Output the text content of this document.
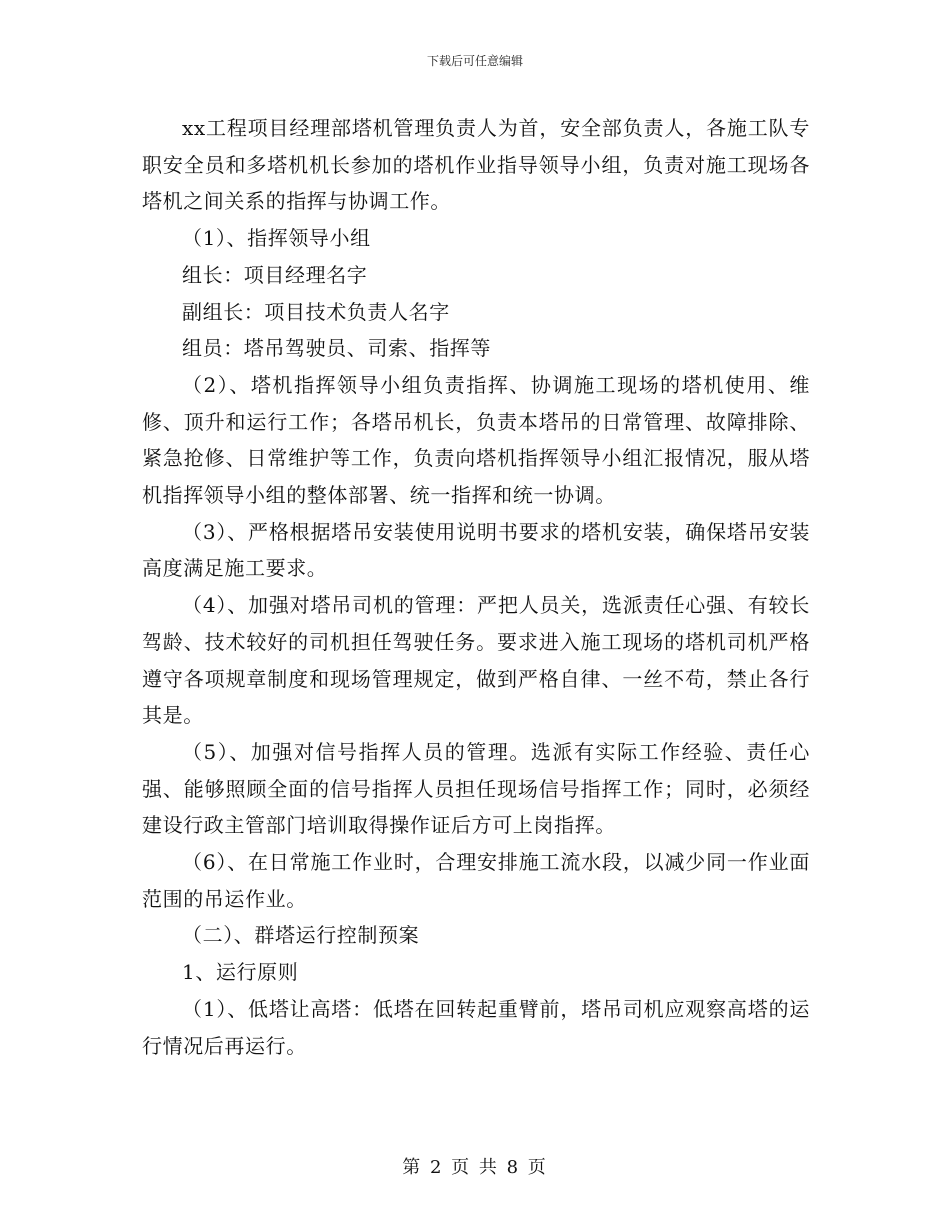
下载后可任意编辑

xx工程项目经理部塔机管理负责人为首，安全部负责人，各施工队专职安全员和多塔机机长参加的塔机作业指导领导小组，负责对施工现场各塔机之间关系的指挥与协调工作。

（1）、指挥领导小组

组长：项目经理名字

副组长：项目技术负责人名字

组员：塔吊驾驶员、司索、指挥等

（2）、塔机指挥领导小组负责指挥、协调施工现场的塔机使用、维修、顶升和运行工作；各塔吊机长，负责本塔吊的日常管理、故障排除、紧急抢修、日常维护等工作，负责向塔机指挥领导小组汇报情况，服从塔机指挥领导小组的整体部署、统一指挥和统一协调。

（3）、严格根据塔吊安装使用说明书要求的塔机安装，确保塔吊安装高度满足施工要求。

（4）、加强对塔吊司机的管理：严把人员关，选派责任心强、有较长驾龄、技术较好的司机担任驾驶任务。要求进入施工现场的塔机司机严格遵守各项规章制度和现场管理规定，做到严格自律、一丝不苟，禁止各行其是。

（5）、加强对信号指挥人员的管理。选派有实际工作经验、责任心强、能够照顾全面的信号指挥人员担任现场信号指挥工作；同时，必须经建设行政主管部门培训取得操作证后方可上岗指挥。

（6）、在日常施工作业时，合理安排施工流水段，以减少同一作业面范围的吊运作业。

（二）、群塔运行控制预案

1、运行原则

（1）、低塔让高塔：低塔在回转起重臂前，塔吊司机应观察高塔的运行情况后再运行。

第 2 页 共 8 页
